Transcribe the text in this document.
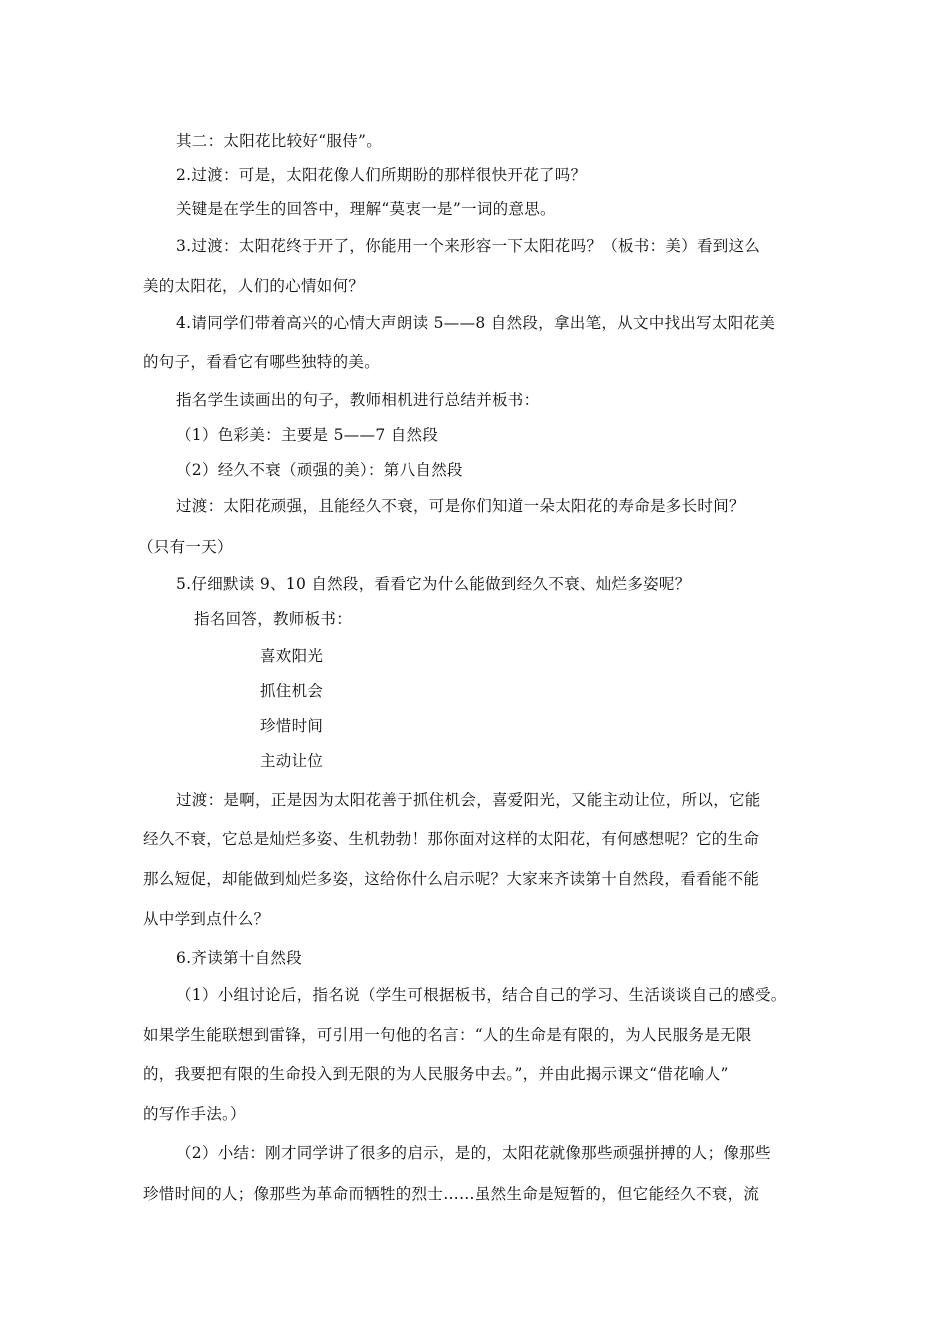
其二：太阳花比较好“服侍”。
2.过渡：可是，太阳花像人们所期盼的那样很快开花了吗？
关键是在学生的回答中，理解“莫衷一是”一词的意思。
3.过渡：太阳花终于开了，你能用一个来形容一下太阳花吗？（板书：美）看到这么
美的太阳花，人们的心情如何？
4.请同学们带着高兴的心情大声朗读 5——8 自然段，拿出笔，从文中找出写太阳花美
的句子，看看它有哪些独特的美。
指名学生读画出的句子，教师相机进行总结并板书：
（1）色彩美：主要是 5——7 自然段
（2）经久不衰（顽强的美）：第八自然段
过渡：太阳花顽强，且能经久不衰，可是你们知道一朵太阳花的寿命是多长时间？
（只有一天）
5.仔细默读 9、10 自然段，看看它为什么能做到经久不衰、灿烂多姿呢？
指名回答，教师板书：
喜欢阳光
抓住机会
珍惜时间
主动让位
过渡：是啊，正是因为太阳花善于抓住机会，喜爱阳光，又能主动让位，所以，它能
经久不衰，它总是灿烂多姿、生机勃勃！那你面对这样的太阳花，有何感想呢？它的生命
那么短促，却能做到灿烂多姿，这给你什么启示呢？大家来齐读第十自然段，看看能不能
从中学到点什么？
6.齐读第十自然段
（1）小组讨论后，指名说（学生可根据板书，结合自己的学习、生活谈谈自己的感受。
如果学生能联想到雷锋，可引用一句他的名言：“人的生命是有限的，为人民服务是无限
的，我要把有限的生命投入到无限的为人民服务中去。”，并由此揭示课文“借花喻人”
的写作手法。）
（2）小结：刚才同学讲了很多的启示，是的，太阳花就像那些顽强拼搏的人；像那些
珍惜时间的人；像那些为革命而牺牲的烈士……虽然生命是短暂的，但它能经久不衰，流
